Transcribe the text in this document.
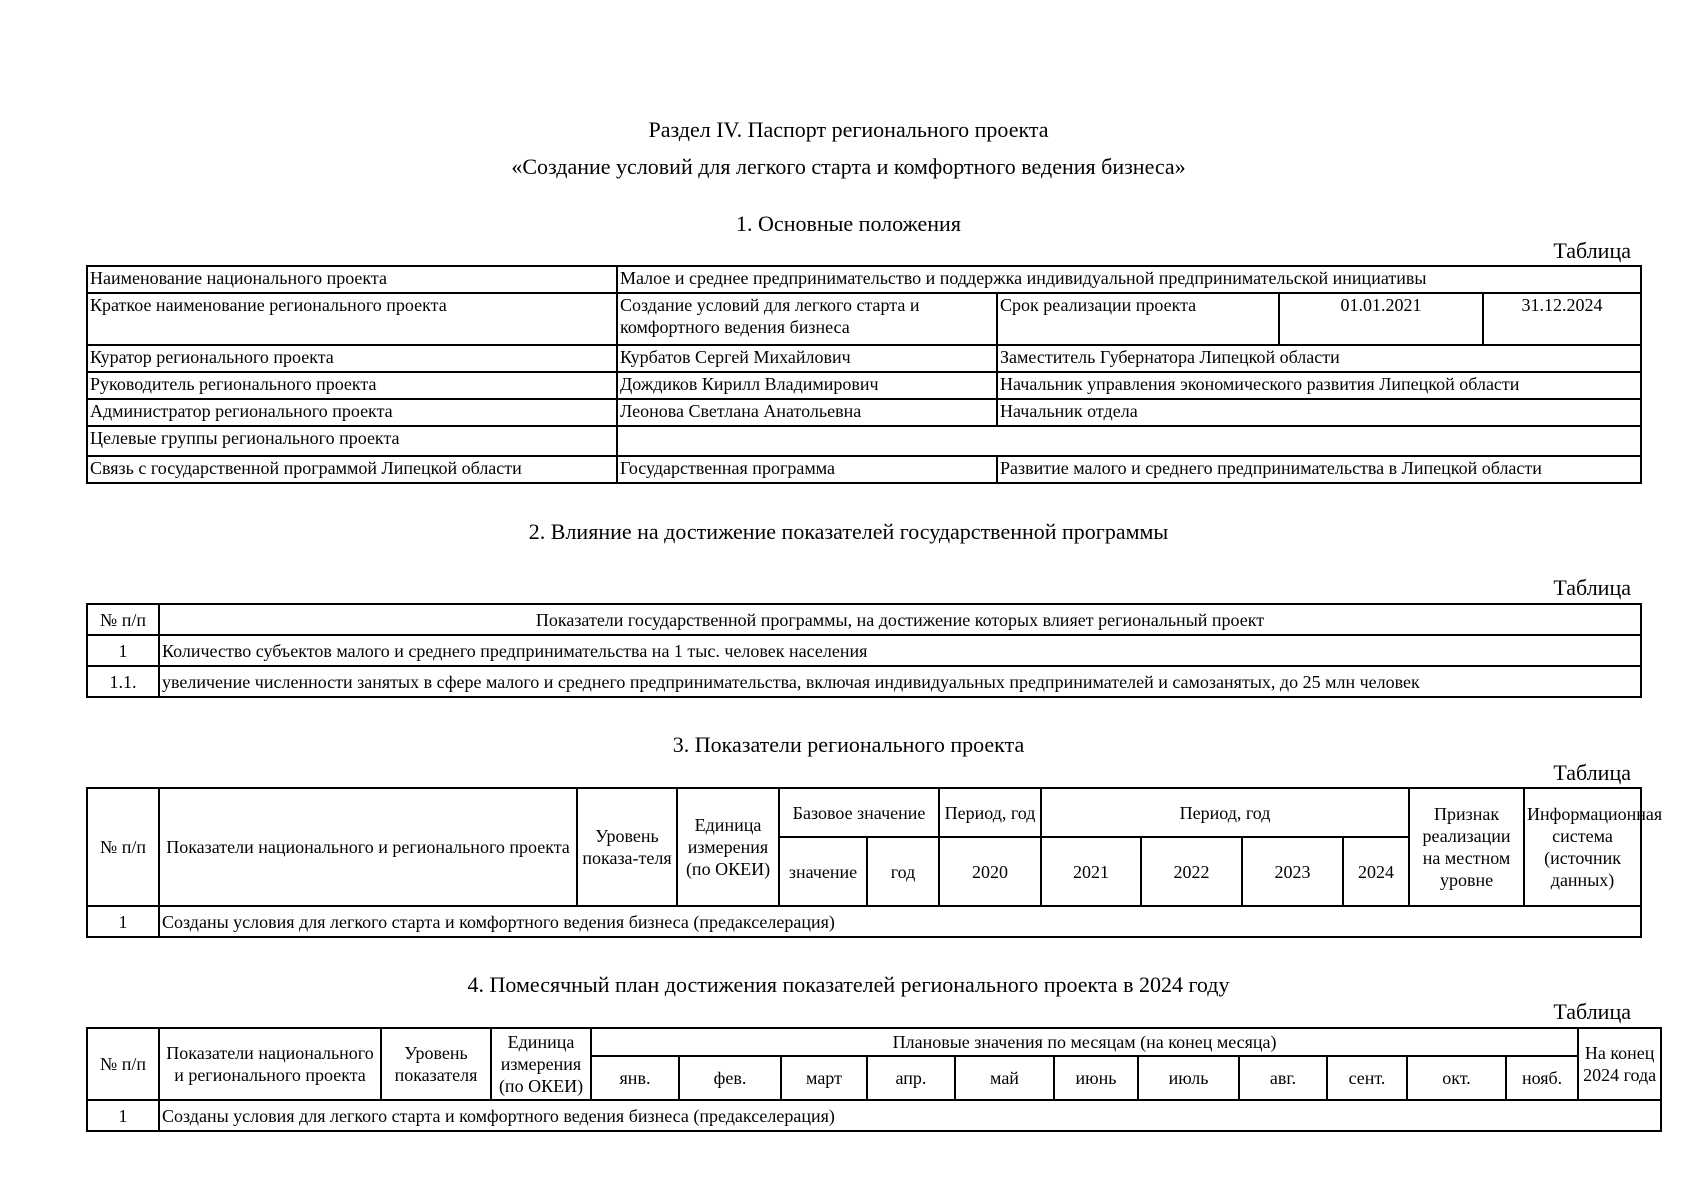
Раздел IV. Паспорт регионального проекта
«Создание условий для легкого старта и комфортного ведения бизнеса»
1. Основные положения
Таблица
Наименование национального проекта	Малое и среднее предпринимательство и поддержка индивидуальной предпринимательской инициативы			
Краткое наименование регионального проекта	Создание условий для легкого старта и комфортного ведения бизнеса	Срок реализации проекта	01.01.2021	31.12.2024
Куратор регионального проекта	Курбатов Сергей Михайлович	Заместитель Губернатора Липецкой области		
Руководитель регионального проекта	Дождиков Кирилл Владимирович	Начальник управления экономического развития Липецкой области		
Администратор регионального проекта	Леонова Светлана Анатольевна	Начальник отдела		
Целевые группы регионального проекта				
Связь с государственной программой Липецкой области	Государственная программа	Развитие малого и среднего предпринимательства в Липецкой области		
2. Влияние на достижение показателей государственной программы
Таблица
№ п/п	Показатели государственной программы, на достижение которых влияет региональный проект
1	Количество субъектов малого и среднего предпринимательства на 1 тыс. человек населения
1.1.	увеличение численности занятых в сфере малого и среднего предпринимательства, включая индивидуальных предпринимателей и самозанятых, до 25 млн человек
3. Показатели регионального проекта
Таблица
№ п/п	Показатели национального и регионального проекта	Уровень показа-теля	Единица измерения (по ОКЕИ)	Базовое значение		Период, год	Период, год				Признак реализации на местном уровне	Информационная система (источник данных)
				значение	год	2020	2021	2022	2023	2024		
1	Созданы условия для легкого старта и комфортного ведения бизнеса (предакселерация)											
4. Помесячный план достижения показателей регионального проекта в 2024 году
Таблица
№ п/п	Показатели национального и регионального проекта	Уровень показателя	Единица измерения (по ОКЕИ)	Плановые значения по месяцам (на конец месяца)											На конец 2024 года
				янв.	фев.	март	апр.	май	июнь	июль	авг.	сент.	окт.	нояб.	
1	Созданы условия для легкого старта и комфортного ведения бизнеса (предакселерация)														
